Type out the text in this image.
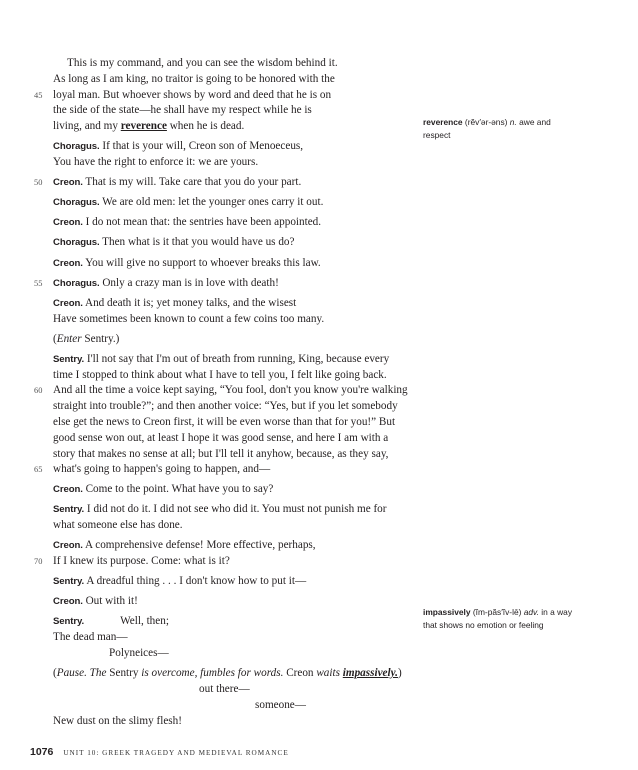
This is my command, and you can see the wisdom behind it.
As long as I am king, no traitor is going to be honored with the
45 loyal man. But whoever shows by word and deed that he is on
the side of the state—he shall have my respect while he is
living, and my reverence when he is dead.
Choragus. If that is your will, Creon son of Menoeceus,
You have the right to enforce it: we are yours.
50	Creon. That is my will. Take care that you do your part.
Choragus. We are old men: let the younger ones carry it out.
Creon. I do not mean that: the sentries have been appointed.
Choragus. Then what is it that you would have us do?
Creon. You will give no support to whoever breaks this law.
55	Choragus. Only a crazy man is in love with death!
Creon. And death it is; yet money talks, and the wisest
Have sometimes been known to count a few coins too many.
(Enter Sentry.)
Sentry. I'll not say that I'm out of breath from running, King, because every
time I stopped to think about what I have to tell you, I felt like going back.
60 And all the time a voice kept saying, “You fool, don't you know you're walking
straight into trouble?”; and then another voice: “Yes, but if you let somebody
else get the news to Creon first, it will be even worse than that for you!” But
good sense won out, at least I hope it was good sense, and here I am with a
story that makes no sense at all; but I'll tell it anyhow, because, as they say,
65 what's going to happen's going to happen, and—
Creon. Come to the point. What have you to say?
Sentry. I did not do it. I did not see who did it. You must not punish me for
what someone else has done.
Creon. A comprehensive defense! More effective, perhaps,
70 If I knew its purpose. Come: what is it?
Sentry. A dreadful thing . . . I don't know how to put it—
Creon. Out with it!
Sentry.	Well, then;
The dead man—
Polyneices—
(Pause. The Sentry is overcome, fumbles for words. Creon waits impassively.)
out there—
someone—
New dust on the slimy flesh!
reverence (rĕv′ər-əns) n. awe and respect
impassively (ĭm-păs′ĭv-lē) adv. in a way that shows no emotion or feeling
1076 UNIT 10: GREEK TRAGEDY AND MEDIEVAL ROMANCE
